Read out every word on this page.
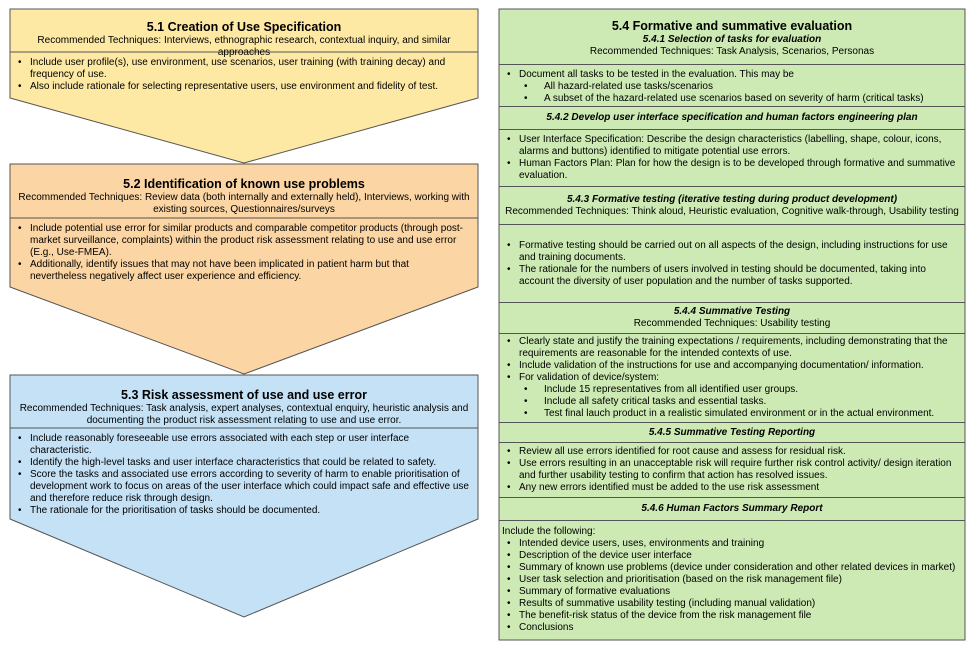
5.1 Creation of Use Specification
Recommended Techniques: Interviews, ethnographic research, contextual inquiry, and similar approaches
• Include user profile(s), use environment, use scenarios, user training (with training decay) and frequency of use.
• Also include rationale for selecting representative users, use environment and fidelity of test.
5.2 Identification of known use problems
Recommended Techniques: Review data (both internally and externally held), Interviews, working with existing sources, Questionnaires/surveys
• Include potential use error for similar products and comparable competitor products (through post-market surveillance, complaints) within the product risk assessment relating to use and use error (E.g., Use-FMEA).
• Additionally, identify issues that may not have been implicated in patient harm but that nevertheless negatively affect user experience and efficiency.
5.3 Risk assessment of use and use error
Recommended Techniques: Task analysis, expert analyses, contextual enquiry, heuristic analysis and documenting the product risk assessment relating to use and use error.
• Include reasonably foreseeable use errors associated with each step or user interface characteristic.
• Identify the high-level tasks and user interface characteristics that could be related to safety.
• Score the tasks and associated use errors according to severity of harm to enable prioritisation of development work to focus on areas of the user interface which could impact safe and effective use and therefore reduce risk through design.
• The rationale for the prioritisation of tasks should be documented.
5.4 Formative and summative evaluation
5.4.1 Selection of tasks for evaluation
Recommended Techniques: Task Analysis, Scenarios, Personas
• Document all tasks to be tested in the evaluation. This may be
• All hazard-related use tasks/scenarios
• A subset of the hazard-related use scenarios based on severity of harm (critical tasks)
5.4.2 Develop user interface specification and human factors engineering plan
• User Interface Specification: Describe the design characteristics (labelling, shape, colour, icons, alarms and buttons) identified to mitigate potential use errors.
• Human Factors Plan: Plan for how the design is to be developed through formative and summative evaluation.
5.4.3 Formative testing (iterative testing during product development)
Recommended Techniques: Think aloud, Heuristic evaluation, Cognitive walk-through, Usability testing
• Formative testing should be carried out on all aspects of the design, including instructions for use and training documents.
• The rationale for the numbers of users involved in testing should be documented, taking into account the diversity of user population and the number of tasks supported.
5.4.4 Summative Testing
Recommended Techniques: Usability testing
• Clearly state and justify the training expectations / requirements, including demonstrating that the requirements are reasonable for the intended contexts of use.
• Include validation of the instructions for use and accompanying documentation/ information.
• For validation of device/system:
• Include 15 representatives from all identified user groups.
• Include all safety critical tasks and essential tasks.
• Test final lauch product in a realistic simulated environment or in the actual environment.
5.4.5 Summative Testing Reporting
• Review all use errors identified for root cause and assess for residual risk.
• Use errors resulting in an unacceptable risk will require further risk control activity/ design iteration and further usability testing to confirm that action has resolved issues.
• Any new errors identified must be added to the use risk assessment
5.4.6 Human Factors Summary Report
Include the following:
• Intended device users, uses, environments and training
• Description of the device user interface
• Summary of known use problems (device under consideration and other related devices in market)
• User task selection and prioritisation (based on the risk management file)
• Summary of formative evaluations
• Results of summative usability testing (including manual validation)
• The benefit-risk status of the device from the risk management file
• Conclusions
